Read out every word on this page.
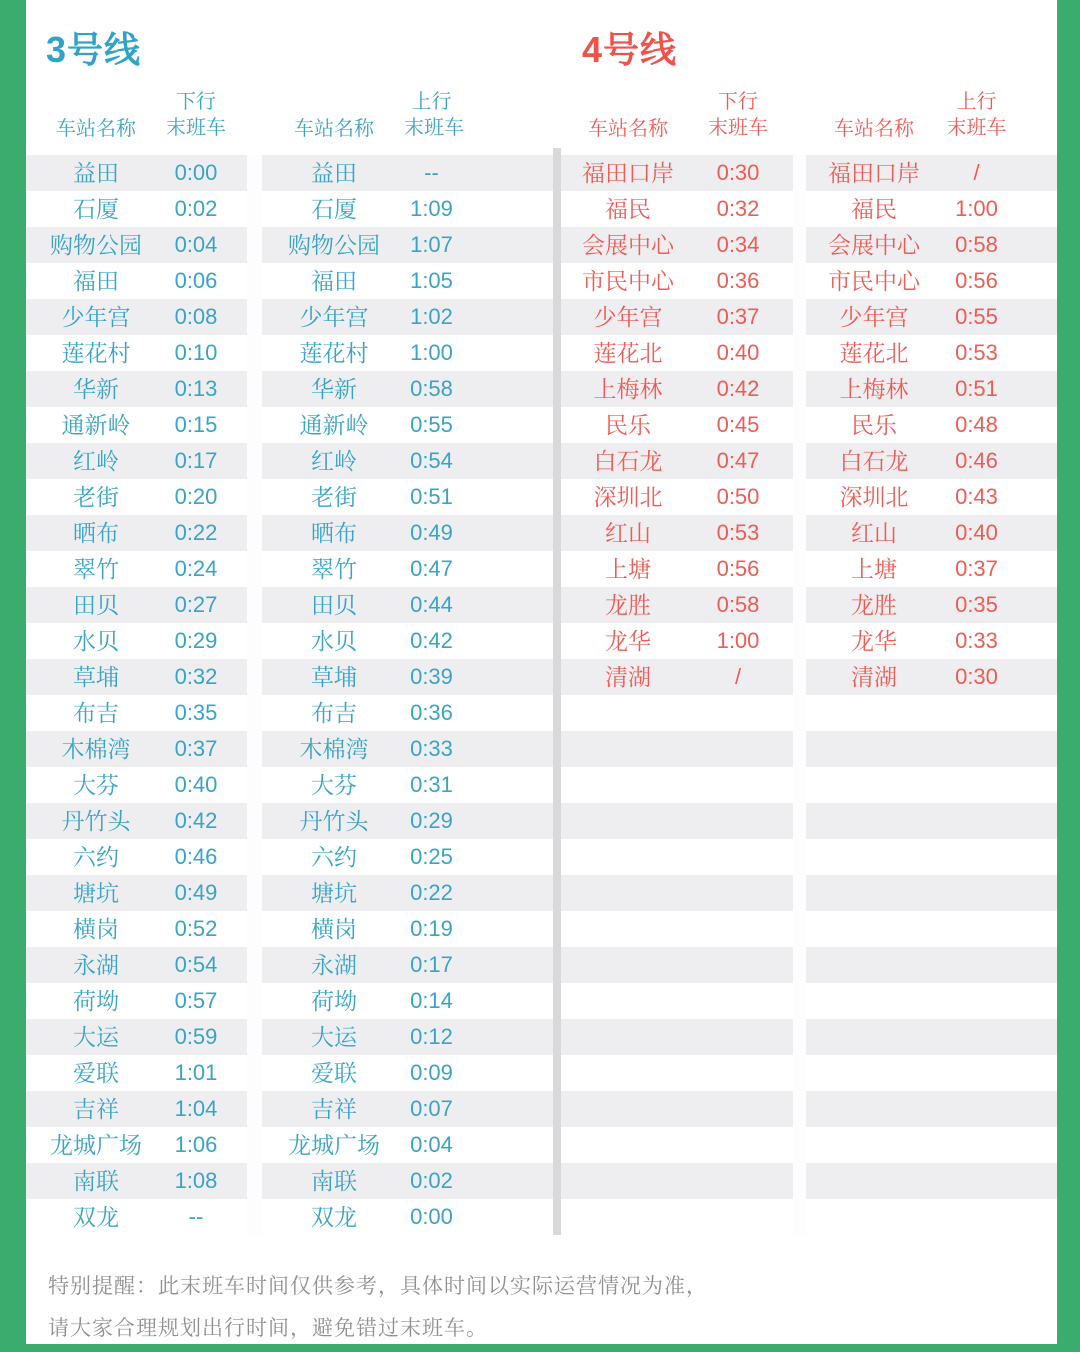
3号线	4号线
车站名称
下行
末班车
益田	0:00
石厦	0:02
购物公园	0:04
福田	0:06
少年宫	0:08
莲花村	0:10
华新	0:13
通新岭	0:15
红岭	0:17
老街	0:20
晒布	0:22
翠竹	0:24
田贝	0:27
水贝	0:29
草埔	0:32
布吉	0:35
木棉湾	0:37
大芬	0:40
丹竹头	0:42
六约	0:46
塘坑	0:49
横岗	0:52
永湖	0:54
荷坳	0:57
大运	0:59
爱联	1:01
吉祥	1:04
龙城广场	1:06
南联	1:08
双龙	--
车站名称
上行
末班车
益田	--
石厦	1:09
购物公园	1:07
福田	1:05
少年宫	1:02
莲花村	1:00
华新	0:58
通新岭	0:55
红岭	0:54
老街	0:51
晒布	0:49
翠竹	0:47
田贝	0:44
水贝	0:42
草埔	0:39
布吉	0:36
木棉湾	0:33
大芬	0:31
丹竹头	0:29
六约	0:25
塘坑	0:22
横岗	0:19
永湖	0:17
荷坳	0:14
大运	0:12
爱联	0:09
吉祥	0:07
龙城广场	0:04
南联	0:02
双龙	0:00
车站名称
下行
末班车
福田口岸	0:30
福民	0:32
会展中心	0:34
市民中心	0:36
少年宫	0:37
莲花北	0:40
上梅林	0:42
民乐	0:45
白石龙	0:47
深圳北	0:50
红山	0:53
上塘	0:56
龙胜	0:58
龙华	1:00
清湖	/
车站名称
上行
末班车
福田口岸	/
福民	1:00
会展中心	0:58
市民中心	0:56
少年宫	0:55
莲花北	0:53
上梅林	0:51
民乐	0:48
白石龙	0:46
深圳北	0:43
红山	0:40
上塘	0:37
龙胜	0:35
龙华	0:33
清湖	0:30
特别提醒：此末班车时间仅供参考，具体时间以实际运营情况为准，
请大家合理规划出行时间，避免错过末班车。
